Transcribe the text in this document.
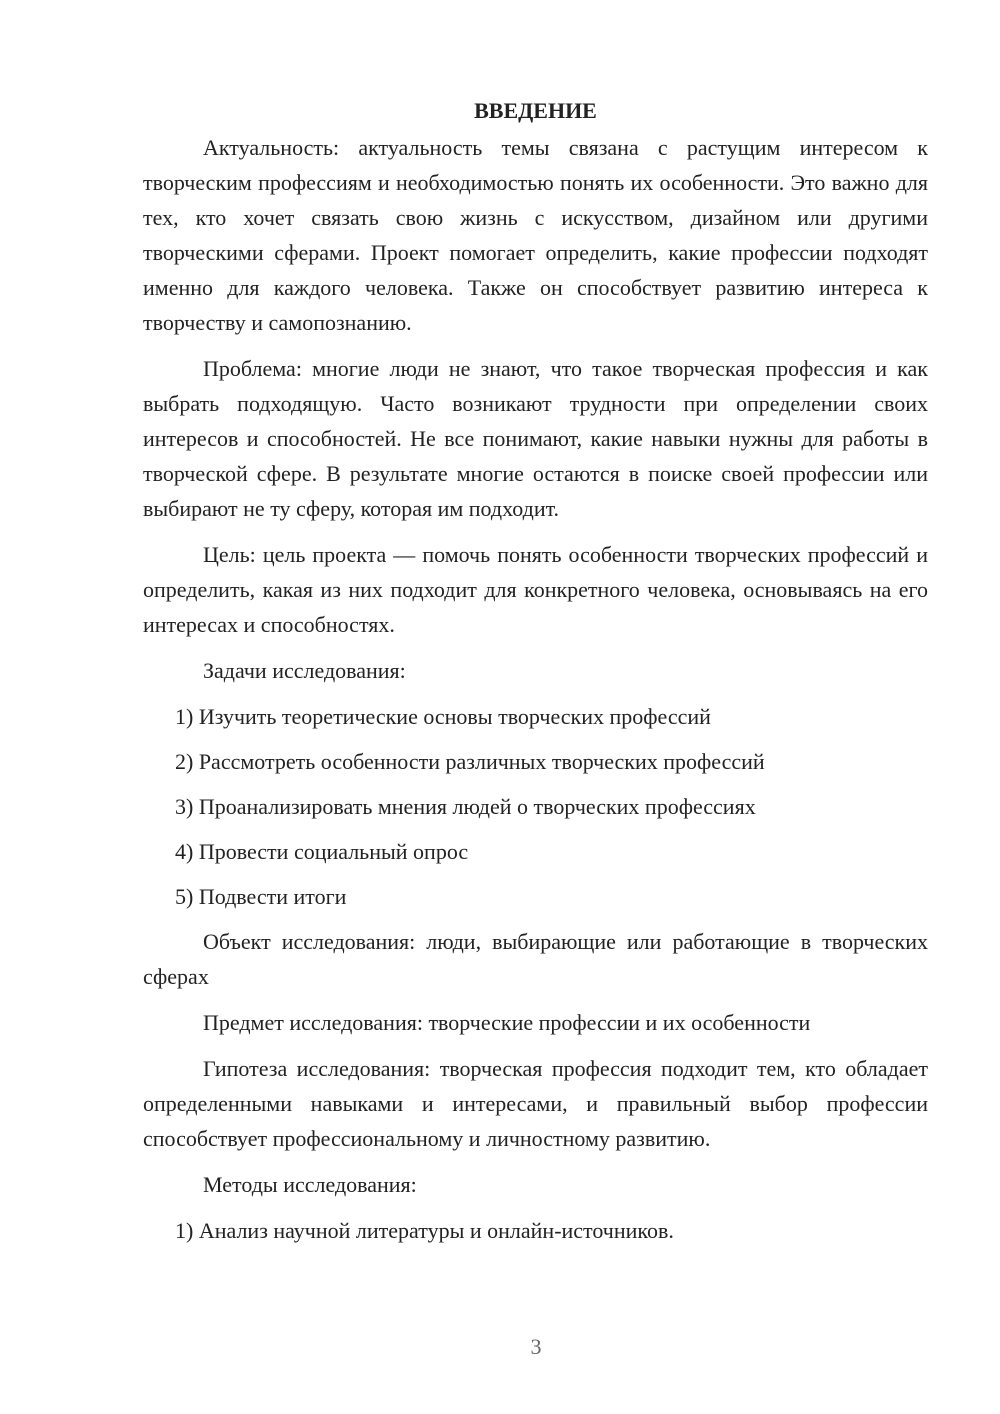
ВВЕДЕНИЕ

Актуальность: актуальность темы связана с растущим интересом к творческим профессиям и необходимостью понять их особенности. Это важно для тех, кто хочет связать свою жизнь с искусством, дизайном или другими творческими сферами. Проект помогает определить, какие профессии подходят именно для каждого человека. Также он способствует развитию интереса к творчеству и самопознанию.

Проблема: многие люди не знают, что такое творческая профессия и как выбрать подходящую. Часто возникают трудности при определении своих интересов и способностей. Не все понимают, какие навыки нужны для работы в творческой сфере. В результате многие остаются в поиске своей профессии или выбирают не ту сферу, которая им подходит.

Цель: цель проекта — помочь понять особенности творческих профессий и определить, какая из них подходит для конкретного человека, основываясь на его интересах и способностях.

Задачи исследования:

1) Изучить теоретические основы творческих профессий
2) Рассмотреть особенности различных творческих профессий
3) Проанализировать мнения людей о творческих профессиях
4) Провести социальный опрос
5) Подвести итоги

Объект исследования: люди, выбирающие или работающие в творческих сферах

Предмет исследования: творческие профессии и их особенности

Гипотеза исследования: творческая профессия подходит тем, кто обладает определенными навыками и интересами, и правильный выбор профессии способствует профессиональному и личностному развитию.

Методы исследования:

1) Анализ научной литературы и онлайн-источников.
3
